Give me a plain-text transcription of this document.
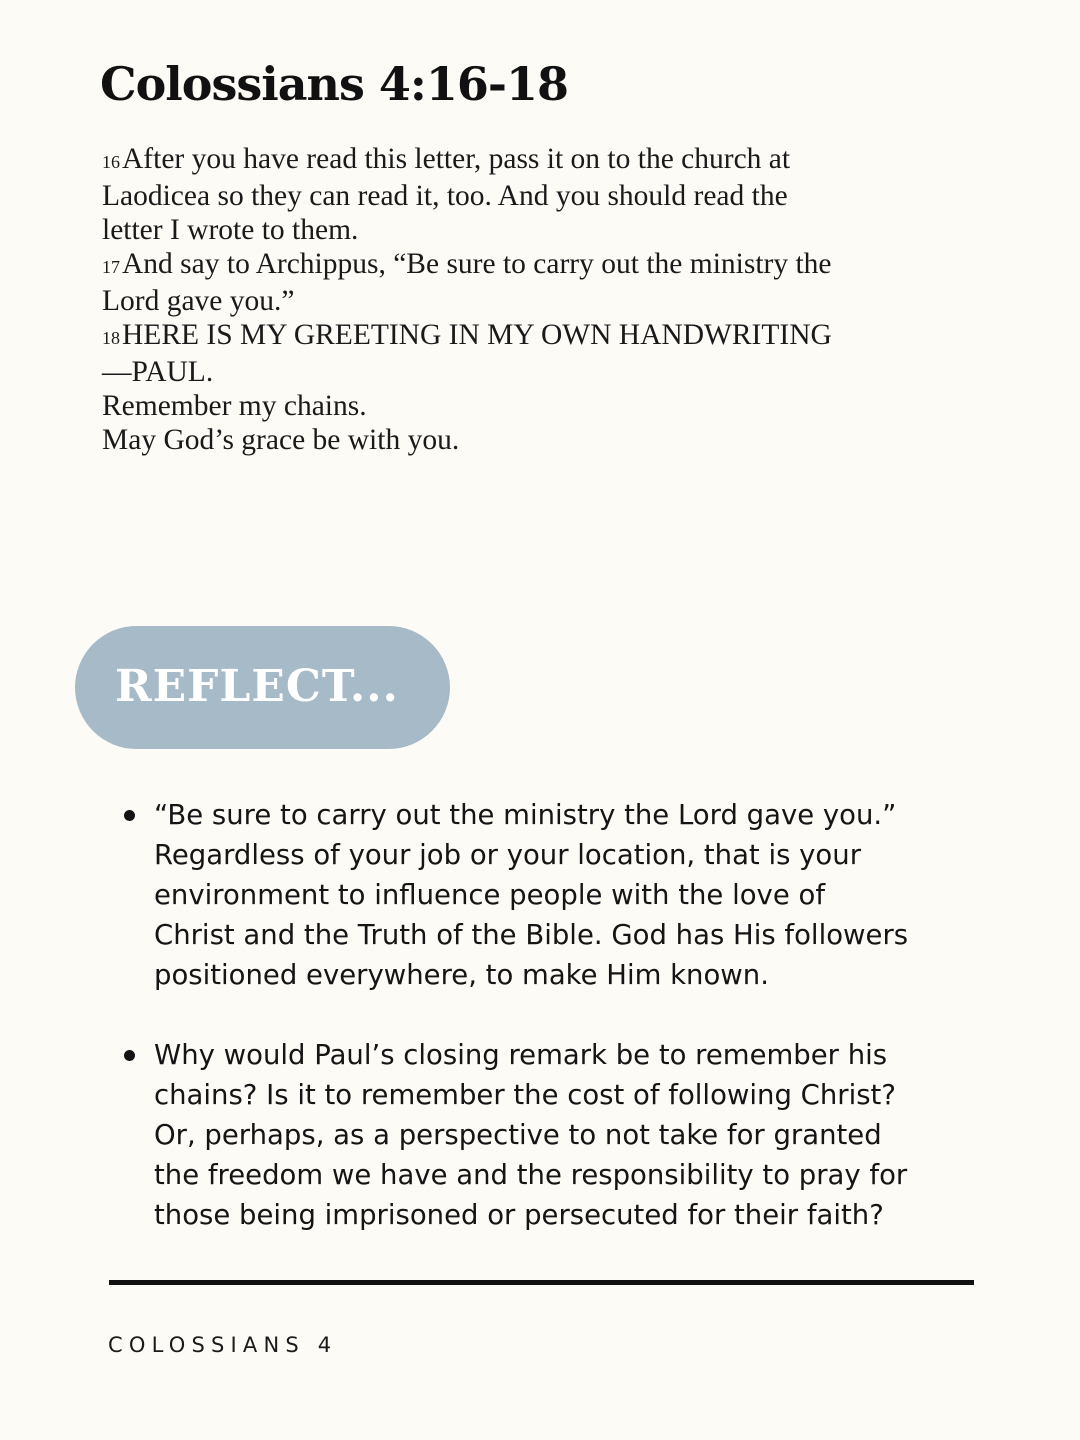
Colossians 4:16-18
16After you have read this letter, pass it on to the church at
Laodicea so they can read it, too. And you should read the
letter I wrote to them.
17And say to Archippus, “Be sure to carry out the ministry the
Lord gave you.”
18HERE IS MY GREETING IN MY OWN HANDWRITING
—PAUL.
Remember my chains.
May God’s grace be with you.
REFLECT...
“Be sure to carry out the ministry the Lord gave you.”
Regardless of your job or your location, that is your
environment to influence people with the love of
Christ and the Truth of the Bible. God has His followers
positioned everywhere, to make Him known.
Why would Paul’s closing remark be to remember his
chains? Is it to remember the cost of following Christ?
Or, perhaps, as a perspective to not take for granted
the freedom we have and the responsibility to pray for
those being imprisoned or persecuted for their faith?
COLOSSIANS 4
